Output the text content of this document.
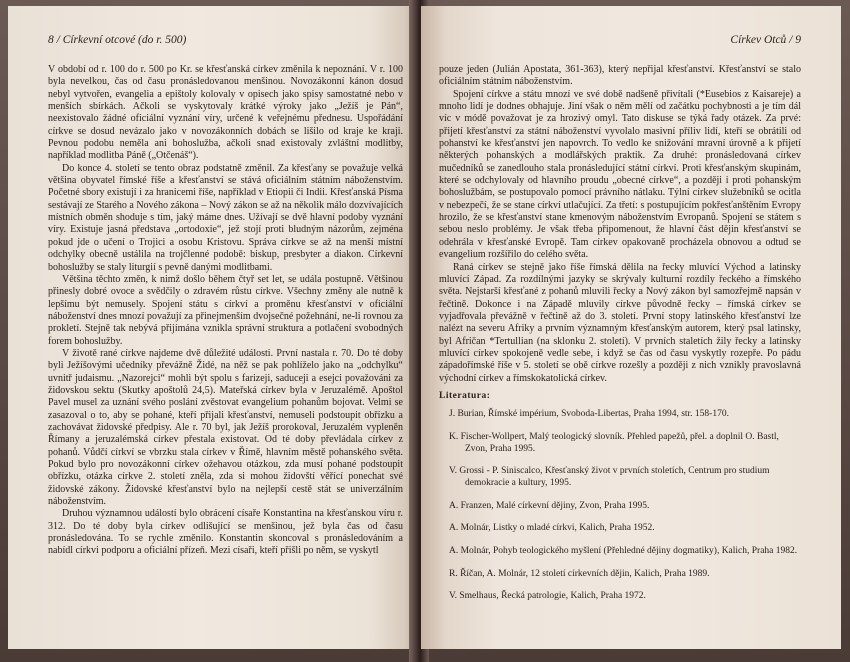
8 / Církevní otcové (do r. 500)

V období od r. 100 do r. 500 po Kr. se křesťanská církev změnila k nepoznání. V r. 100 byla nevelkou, čas od času pronásledovanou menšinou. Novozákonní kánon dosud nebyl vytvořen, evangelia a epištoly kolovaly v opisech jako spisy samostatné nebo v menších sbírkách. Ačkoli se vyskytovaly krátké výroky jako „Ježíš je Pán“, neexistovalo žádné oficiální vyznání víry, určené k veřejnému přednesu. Uspořádání církve se dosud nevázalo jako v novozákonních dobách se lišilo od kraje ke kraji. Pevnou podobu neměla ani bohoslužba, ačkoli snad existovaly zvláštní modlitby, například modlitba Páně („Otčenáš“).

Do konce 4. století se tento obraz podstatně změnil. Za křesťany se považuje velká většina obyvatel římské říše a křesťanství se stává oficiálním státním náboženstvím. Početné sbory existují i za hranicemi říše, například v Etiopii či Indii. Křesťanská Písma sestávají ze Starého a Nového zákona – Nový zákon se až na několik málo dozvívajících místních obměn shoduje s tím, jaký máme dnes. Užívají se dvě hlavní podoby vyznání víry. Existuje jasná představa „ortodoxie“, jež stojí proti bludným názorům, zejména pokud jde o učení o Trojici a osobu Kristovu. Správa církve se až na menší místní odchylky obecně ustálila na trojčlenné podobě: biskup, presbyter a diakon. Církevní bohoslužby se staly liturgií s pevně danými modlitbami.

Většina těchto změn, k nimž došlo během čtyř set let, se udála postupně. Většinou přinesly dobré ovoce a svědčily o zdravém růstu církve. Všechny změny ale nutně k lepšímu být nemusely. Spojení státu s církví a proměnu křesťanství v oficiální náboženství dnes mnozí považují za přinejmenším dvojsečné požehnání, ne-li rovnou za prokletí. Stejně tak nebývá přijímána vznikla správní struktura a potlačení svobodných forem bohoslužby.

V životě rané církve najdeme dvě důležité události. První nastala r. 70. Do té doby byli Ježíšovými učedníky převážně Židé, na něž se pak pohlíželo jako na „odchylku“ uvnitř judaismu. „Nazorejci“ mohli být spolu s farizeji, saduceji a esejci považováni za židovskou sektu (Skutky apoštolů 24,5). Mateřská církev byla v Jeruzalémě. Apoštol Pavel musel za uznání svého poslání zvěstovat evangelium pohanům bojovat. Velmi se zasazoval o to, aby se pohané, kteří přijali křesťanství, nemuseli podstoupit obřízku a zachovávat židovské předpisy. Ale r. 70 byl, jak Ježíš prorokoval, Jeruzalém vypleněn Římany a jeruzalémská církev přestala existovat. Od té doby převládala církev z pohanů. Vůdčí církví se vbrzku stala církev v Římě, hlavním městě pohanského světa. Pokud bylo pro novozákonní církev ožehavou otázkou, zda musí pohané podstoupit obřízku, otázka církve 2. století zněla, zda si mohou židovští věřící ponechat své židovské zákony. Židovské křesťanství bylo na nejlepší cestě stát se univerzálním náboženstvím.

Druhou významnou událostí bylo obrácení císaře Konstantina na křesťanskou víru r. 312. Do té doby byla církev odlišující se menšinou, jež byla čas od času pronásledována. To se rychle změnilo. Konstantin skoncoval s pronásledováním a nabídl církvi podporu a oficiální přízeň. Mezi císaři, kteří přišli po něm, se vyskytl

Církev Otců / 9

pouze jeden (Julián Apostata, 361-363), který nepřijal křesťanství. Křesťanství se stalo oficiálním státním náboženstvím.

Spojení církve a státu mnozí ve své době nadšeně přivítali (*Eusebios z Kaisareje) a mnoho lidí je dodnes obhajuje. Jiní však o něm mělí od začátku pochybnosti a je tím dál víc v módě považovat je za hrozivý omyl. Tato diskuse se týká řady otázek. Za prvé: přijetí křesťanství za státní náboženství vyvolalo masivní příliv lidí, kteří se obrátili od pohanství ke křesťanství jen napovrch. To vedlo ke snižování mravní úrovně a k přijetí některých pohanských a modlářských praktik. Za druhé: pronásledovaná církev mučedníků se zanedlouho stala pronásledující státní církví. Proti křesťanským skupinám, které se odchylovaly od hlavního proudu „obecné církve“, a později i proti pohanským bohoslužbám, se postupovalo pomocí právního nátlaku. Týlní církev služebníků se ocitla v nebezpečí, že se stane církví utlačující. Za třetí: s postupujícím pokřesťanštěním Evropy hrozilo, že se křesťanství stane kmenovým náboženstvím Evropanů. Spojení se státem s sebou neslo problémy. Je však třeba připomenout, že hlavní část dějin křesťanství se odehrála v křesťanské Evropě. Tam církev opakovaně procházela obnovou a odtud se evangelium rozšířilo do celého světa.

Raná církev se stejně jako říše římská dělila na řecky mluvící Východ a latinsky mluvící Západ. Za rozdílnými jazyky se skrývaly kulturní rozdíly řeckého a římského světa. Nejstarší křesťané z pohanů mluvili řecky a Nový zákon byl samozřejmě napsán v řečtině. Dokonce i na Západě mluvily církve původně řecky – římská církev se vyjadřovala převážně v řečtině až do 3. století. První stopy latinského křesťanství lze nalézt na severu Afriky a prvním významným křesťanským autorem, který psal latinsky, byl Afričan *Tertullian (na sklonku 2. století). V prvních staletích žily řecky a latinsky mluvící církev spokojeně vedle sebe, i když se čas od času vyskytly rozepře. Po pádu západořímské říše v 5. století se obě církve rozešly a později z nich vznikly pravoslavná východní církev a římskokatolická církev.

Literatura:
J. Burian, Římské impérium, Svoboda-Libertas, Praha 1994, str. 158-170.
K. Fischer-Wollpert, Malý teologický slovník. Přehled papežů, přel. a doplnil O. Bastl, Zvon, Praha 1995.
V. Grossi - P. Siniscalco, Křesťanský život v prvních stoletích, Centrum pro studium demokracie a kultury, 1995.
A. Franzen, Malé církevní dějiny, Zvon, Praha 1995.
A. Molnár, Listky o mladé církvi, Kalich, Praha 1952.
A. Molnár, Pohyb teologického myšlení (Přehledné dějiny dogmatiky), Kalich, Praha 1982.
R. Říčan, A. Molnár, 12 století církevních dějin, Kalich, Praha 1989.
V. Smelhaus, Řecká patrologie, Kalich, Praha 1972.
